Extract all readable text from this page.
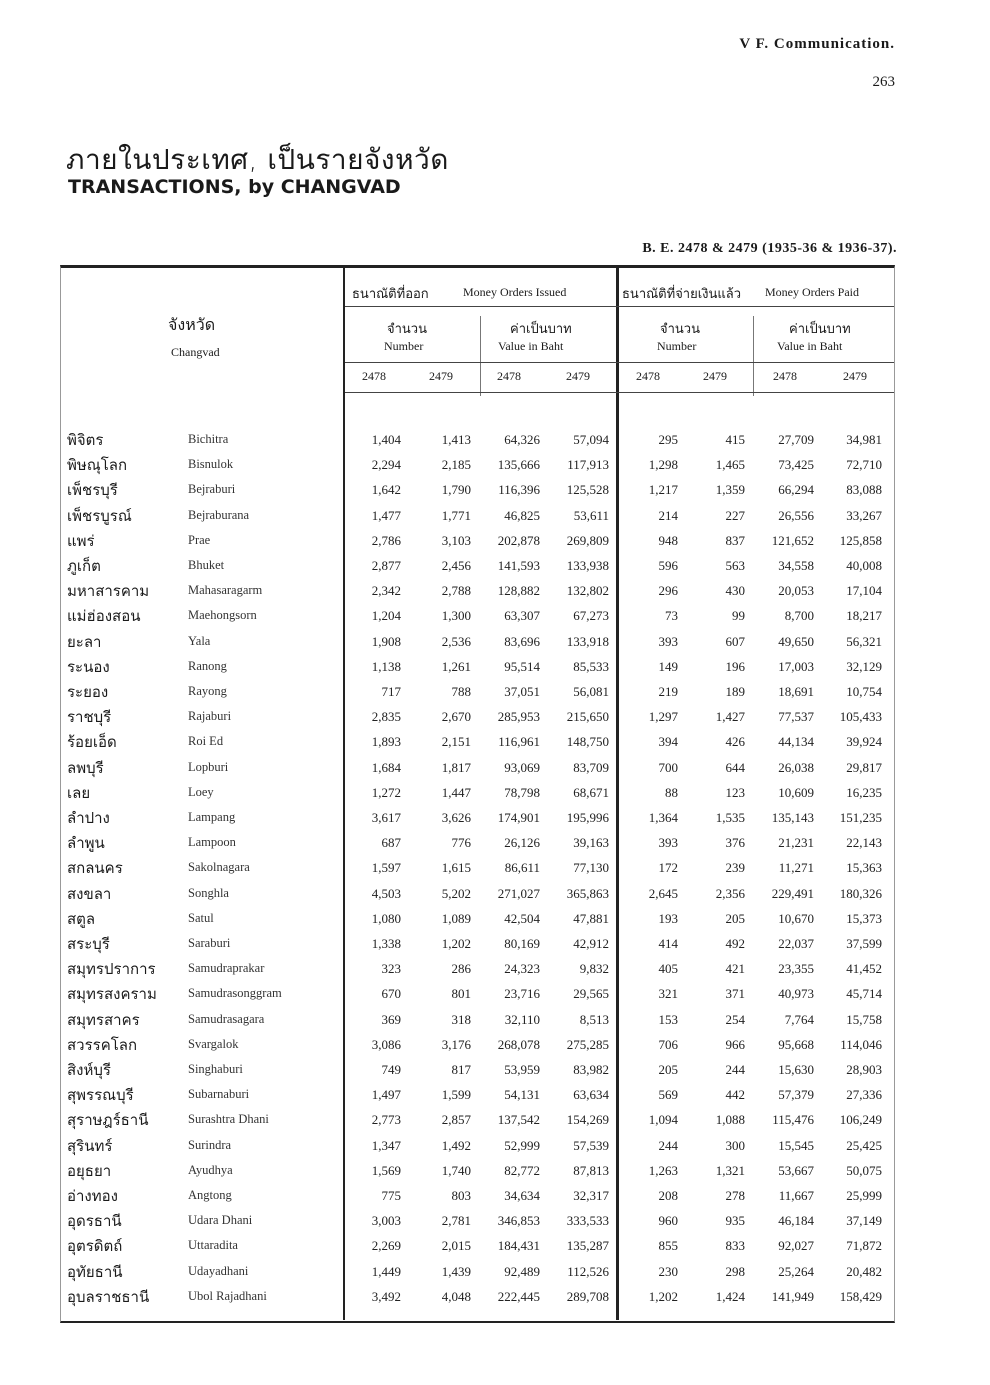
V F. Communication.
263
ภายในประเทศ, เป็นรายจังหวัด
TRANSACTIONS, by CHANGVAD
B. E. 2478 & 2479 (1935-36 & 1936-37).
ธนาณัติที่ออก	Money Orders Issued	ธนาณัติที่จ่ายเงินแล้ว Money Orders Paid
จังหวัด
Changvad
จำนวน
Number
ค่าเป็นบาท
Value in Baht
จำนวน
Number
ค่าเป็นบาท
Value in Baht
2478	2479	2478	2479	2478	2479	2478	2479
พิจิตร	Bichitra	1,404	1,413	64,326	57,094	295	415	27,709 34,981
พิษณุโลก	Bisnulok	2,294	2,185 135,666 117,913	1,298	1,465	73,425 72,710
เพ็ชรบุรี	Bejraburi	1,642	1,790 116,396 125,528	1,217	1,359	66,294 83,088
เพ็ชรบูรณ์	Bejraburana	1,477	1,771	46,825	53,611	214	227	26,556 33,267
แพร่	Prae	2,786	3,103 202,878 269,809	948	837 121,652 125,858
ภูเก็ต	Bhuket	2,877	2,456 141,593 133,938	596	563	34,558 40,008
มหาสารคาม	Mahasaragarm	2,342	2,788 128,882 132,802	296	430	20,053 17,104
แม่ฮ่องสอน	Maehongsorn	1,204	1,300	63,307	67,273	73	99	8,700 18,217
ยะลา	Yala	1,908	2,536	83,696 133,918	393	607	49,650 56,321
ระนอง	Ranong	1,138	1,261	95,514	85,533	149	196	17,003 32,129
ระยอง	Rayong	717	788	37,051	56,081	219	189	18,691 10,754
ราชบุรี	Rajaburi	2,835	2,670 285,953 215,650	1,297	1,427	77,537 105,433
ร้อยเอ็ด	Roi Ed	1,893	2,151 116,961 148,750	394	426	44,134 39,924
ลพบุรี	Lopburi	1,684	1,817	93,069	83,709	700	644	26,038 29,817
เลย	Loey	1,272	1,447	78,798	68,671	88	123	10,609 16,235
ลำปาง	Lampang	3,617	3,626 174,901 195,996	1,364	1,535 135,143 151,235
ลำพูน	Lampoon	687	776	26,126	39,163	393	376	21,231 22,143
สกลนคร	Sakolnagara	1,597	1,615	86,611	77,130	172	239	11,271 15,363
สงขลา	Songhla	4,503	5,202 271,027 365,863	2,645	2,356 229,491 180,326
สตูล	Satul	1,080	1,089	42,504	47,881	193	205	10,670 15,373
สระบุรี	Saraburi	1,338	1,202	80,169	42,912	414	492	22,037 37,599
สมุทรปราการ	Samudraprakar	323	286	24,323	9,832	405	421	23,355 41,452
สมุทรสงคราม Samudrasonggram	670	801	23,716	29,565	321	371	40,973 45,714
สมุทรสาคร	Samudrasagara	369	318	32,110	8,513	153	254	7,764 15,758
สวรรคโลก	Svargalok	3,086	3,176 268,078 275,285	706	966	95,668 114,046
สิงห์บุรี	Singhaburi	749	817	53,959	83,982	205	244	15,630 28,903
สุพรรณบุรี	Subarnaburi	1,497	1,599	54,131	63,634	569	442	57,379 27,336
สุราษฎร์ธานี	Surashtra Dhani	2,773	2,857 137,542 154,269	1,094	1,088 115,476 106,249
สุรินทร์	Surindra	1,347	1,492	52,999	57,539	244	300	15,545 25,425
อยุธยา	Ayudhya	1,569	1,740	82,772	87,813	1,263	1,321	53,667 50,075
อ่างทอง	Angtong	775	803	34,634	32,317	208	278	11,667 25,999
อุดรธานี	Udara Dhani	3,003	2,781 346,853 333,533	960	935	46,184 37,149
อุตรดิตถ์	Uttaradita	2,269	2,015 184,431 135,287	855	833	92,027 71,872
อุทัยธานี	Udayadhani	1,449	1,439	92,489 112,526	230	298	25,264 20,482
อุบลราชธานี	Ubol Rajadhani	3,492	4,048 222,445 289,708	1,202	1,424 141,949 158,429
